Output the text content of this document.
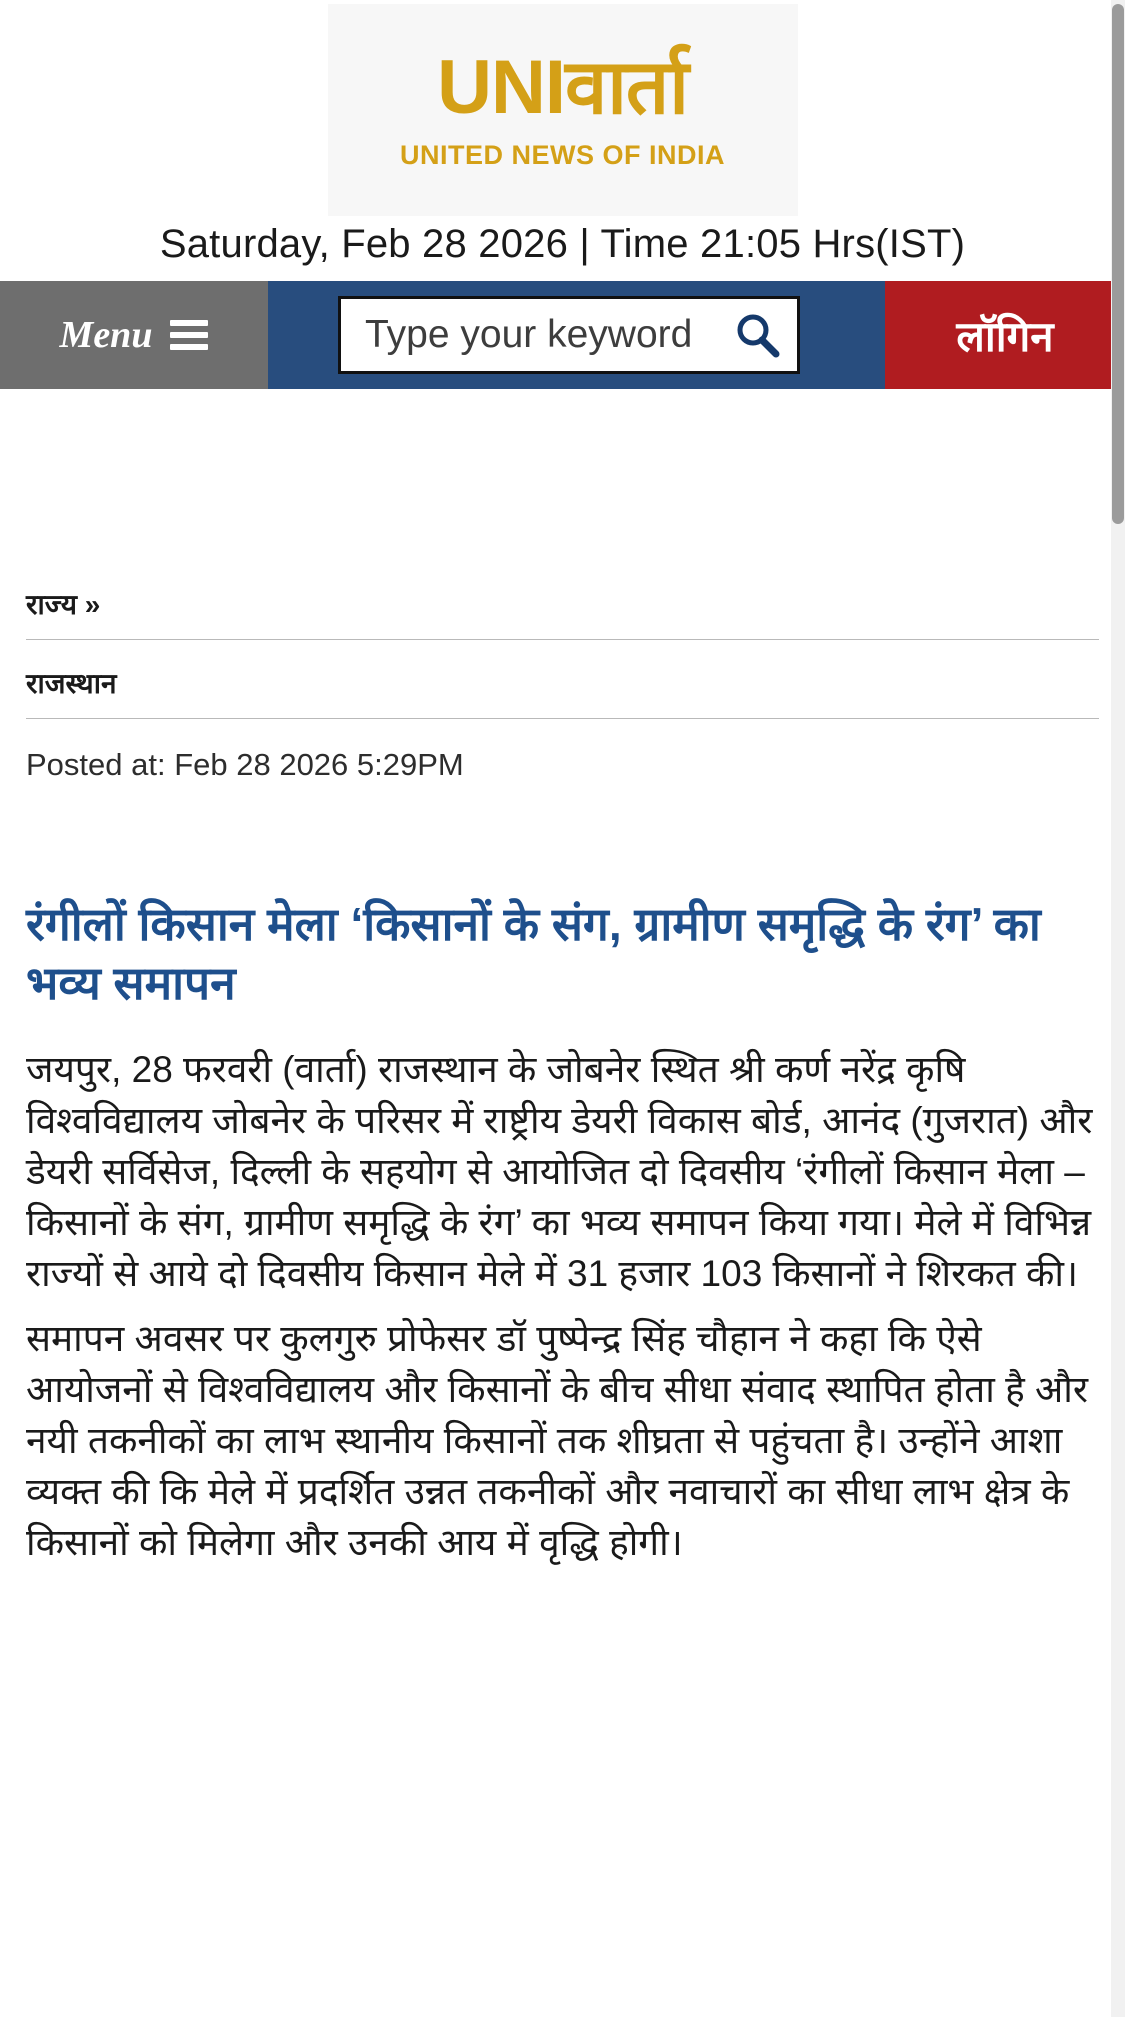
UNIवार्ता
UNITED NEWS OF INDIA
Saturday, Feb 28 2026 | Time 21:05 Hrs(IST)
Menu
Type your keyword	लॉगिन
राज्य »
राजस्थान
Posted at: Feb 28 2026 5:29PM
रंगीलों किसान मेला ‘किसानों के संग, ग्रामीण समृद्धि के रंग’ का भव्य समापन

जयपुर, 28 फरवरी (वार्ता) राजस्थान के जोबनेर स्थित श्री कर्ण नरेंद्र कृषि विश्वविद्यालय जोबनेर के परिसर में राष्ट्रीय डेयरी विकास बोर्ड, आनंद (गुजरात) और डेयरी सर्विसेज, दिल्ली के सहयोग से आयोजित दो दिवसीय ‘रंगीलों किसान मेला – किसानों के संग, ग्रामीण समृद्धि के रंग’ का भव्य समापन किया गया। मेले में विभिन्न राज्यों से आये दो दिवसीय किसान मेले में 31 हजार 103 किसानों ने शिरकत की।

समापन अवसर पर कुलगुरु प्रोफेसर डॉ पुष्पेन्द्र सिंह चौहान ने कहा कि ऐसे आयोजनों से विश्वविद्यालय और किसानों के बीच सीधा संवाद स्थापित होता है और नयी तकनीकों का लाभ स्थानीय किसानों तक शीघ्रता से पहुंचता है। उन्होंने आशा व्यक्त की कि मेले में प्रदर्शित उन्नत तकनीकों और नवाचारों का सीधा लाभ क्षेत्र के किसानों को मिलेगा और उनकी आय में वृद्धि होगी।
